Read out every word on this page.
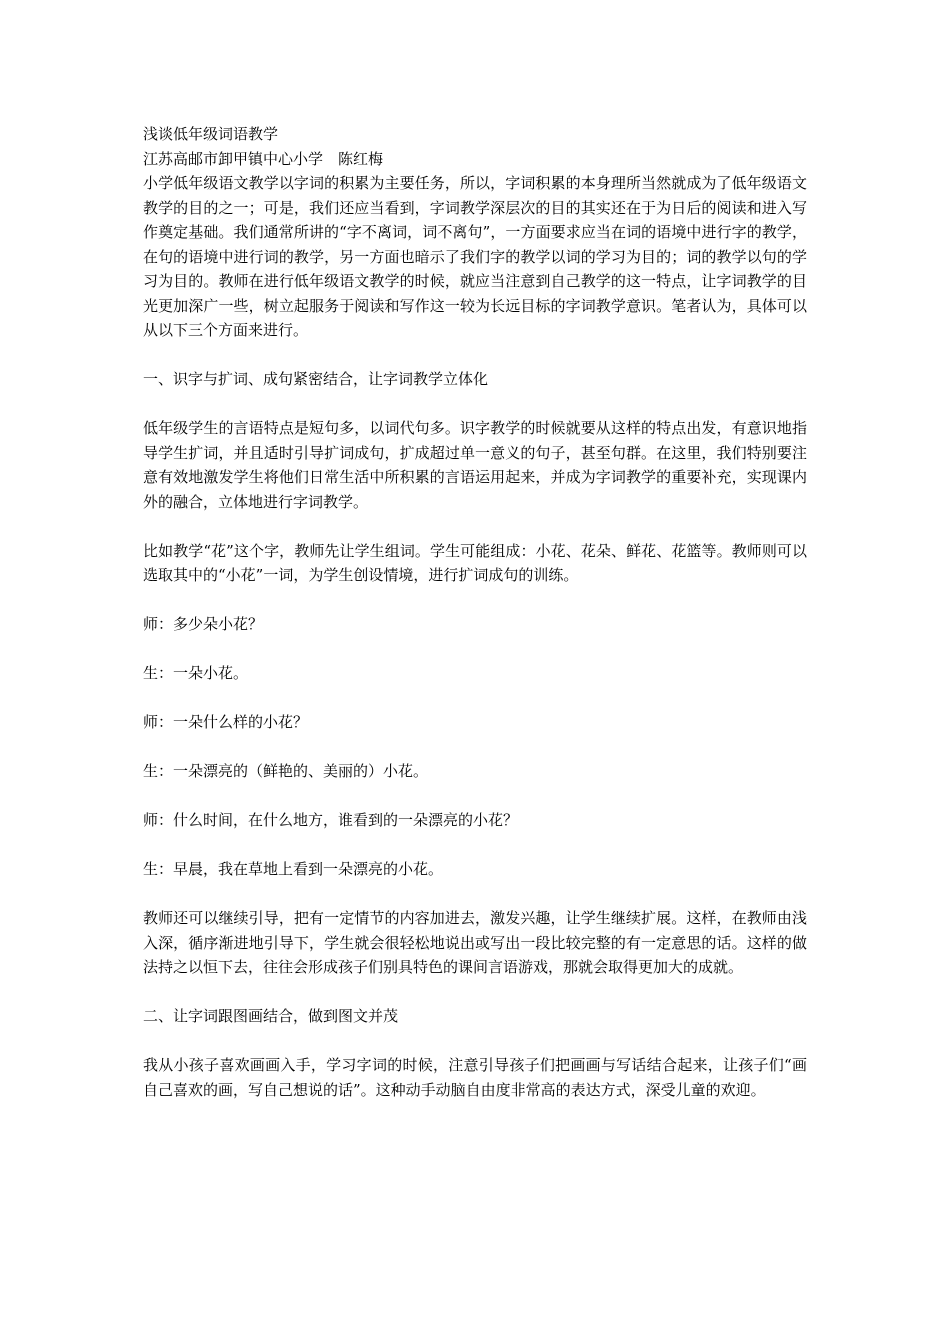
浅谈低年级词语教学

江苏高邮市卸甲镇中心小学　陈红梅

小学低年级语文教学以字词的积累为主要任务，所以，字词积累的本身理所当然就成为了低年级语文教学的目的之一；可是，我们还应当看到，字词教学深层次的目的其实还在于为日后的阅读和进入写作奠定基础。我们通常所讲的“字不离词，词不离句”，一方面要求应当在词的语境中进行字的教学，在句的语境中进行词的教学，另一方面也暗示了我们字的教学以词的学习为目的；词的教学以句的学习为目的。教师在进行低年级语文教学的时候，就应当注意到自己教学的这一特点，让字词教学的目光更加深广一些，树立起服务于阅读和写作这一较为长远目标的字词教学意识。笔者认为，具体可以从以下三个方面来进行。

一、识字与扩词、成句紧密结合，让字词教学立体化

低年级学生的言语特点是短句多，以词代句多。识字教学的时候就要从这样的特点出发，有意识地指导学生扩词，并且适时引导扩词成句，扩成超过单一意义的句子，甚至句群。在这里，我们特别要注意有效地激发学生将他们日常生活中所积累的言语运用起来，并成为字词教学的重要补充，实现课内外的融合，立体地进行字词教学。

比如教学“花”这个字，教师先让学生组词。学生可能组成：小花、花朵、鲜花、花篮等。教师则可以选取其中的“小花”一词，为学生创设情境，进行扩词成句的训练。

师：多少朵小花？

生：一朵小花。

师：一朵什么样的小花？

生：一朵漂亮的（鲜艳的、美丽的）小花。

师：什么时间，在什么地方，谁看到的一朵漂亮的小花？

生：早晨，我在草地上看到一朵漂亮的小花。

教师还可以继续引导，把有一定情节的内容加进去，激发兴趣，让学生继续扩展。这样，在教师由浅入深，循序渐进地引导下，学生就会很轻松地说出或写出一段比较完整的有一定意思的话。这样的做法持之以恒下去，往往会形成孩子们别具特色的课间言语游戏，那就会取得更加大的成就。

二、让字词跟图画结合，做到图文并茂

我从小孩子喜欢画画入手，学习字词的时候，注意引导孩子们把画画与写话结合起来，让孩子们“画自己喜欢的画，写自己想说的话”。这种动手动脑自由度非常高的表达方式，深受儿童的欢迎。
